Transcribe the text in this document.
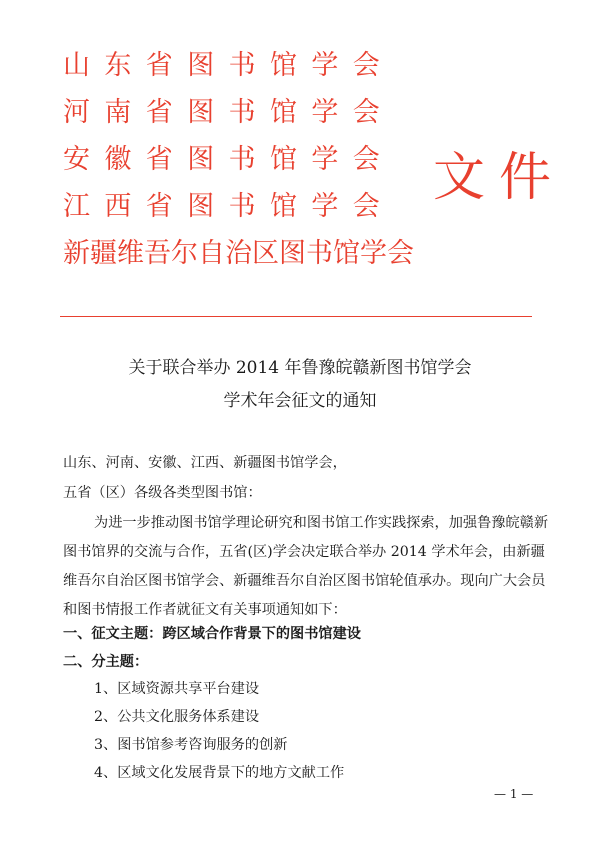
山东省图书馆学会
河南省图书馆学会
安徽省图书馆学会
江西省图书馆学会
新疆维吾尔自治区图书馆学会
文件
关于联合举办 2014 年鲁豫皖赣新图书馆学会
学术年会征文的通知
山东、河南、安徽、江西、新疆图书馆学会，
五省（区）各级各类型图书馆：
为进一步推动图书馆学理论研究和图书馆工作实践探索，加强鲁豫皖赣新
图书馆界的交流与合作，五省(区)学会决定联合举办 2014 学术年会，由新疆
维吾尔自治区图书馆学会、新疆维吾尔自治区图书馆轮值承办。现向广大会员
和图书情报工作者就征文有关事项通知如下：
一、征文主题：跨区域合作背景下的图书馆建设
二、分主题：
1、区域资源共享平台建设
2、公共文化服务体系建设
3、图书馆参考咨询服务的创新
4、区域文化发展背景下的地方文献工作
— 1 —
